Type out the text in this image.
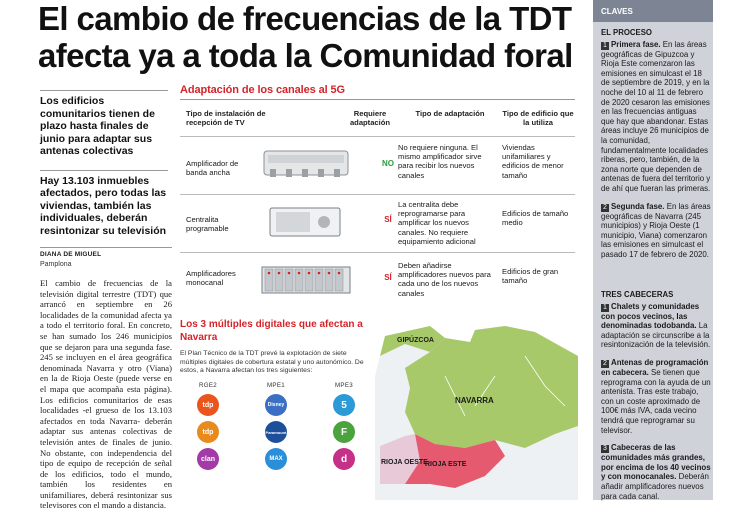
El cambio de frecuencias de la TDT afecta ya a toda la Comunidad foral
Los edificios comunitarios tienen de plazo hasta finales de junio para adaptar sus antenas colectivas
Hay 13.103 inmuebles afectados, pero todas las viviendas, también las individuales, deberán resintonizar su televisión
DIANA DE MIGUEL
Pamplona
El cambio de frecuencias de la televisión digital terrestre (TDT) que arrancó en septiembre en 26 localidades de la comunidad afecta ya a todo el territorio foral. En concreto, se han sumado los 246 municipios que se dejaron para una segunda fase. 245 se incluyen en el área geográfica denominada Navarra y otro (Viana) en la de Rioja Oeste (puede verse en el mapa que acompaña esta página). Los edificios comunitarios de esas localidades -el grueso de los 13.103 afectados en toda Navarra- deberán adaptar sus antenas colectivas de televisión antes de finales de junio. No obstante, con independencia del tipo de equipo de recepción de señal de los edificios, todo el mundo, también los residentes en unifamiliares, deberá resintonizar sus televisores con el mando a distancia.
Adaptación de los canales al 5G
Tipo de instalación de recepción de TV
Requiere adaptación
Tipo de adaptación	Tipo de edificio que la utiliza
Amplificador de banda ancha
NO
No requiere ninguna. El mismo amplificador sirve para recibir los nuevos canales
Viviendas unifamiliares y edificios de menor tamaño
Centralita programable
SÍ
La centralita debe reprogramarse para amplificar los nuevos canales. No requiere equipamiento adicional
Edificios de tamaño medio
Amplificadores monocanal
SÍ
Deben añadirse amplificadores nuevos para cada uno de los nuevos canales
Edificios de gran tamaño
Los 3 múltiples digitales que afectan a Navarra
El Plan Técnico de la TDT prevé la explotación de siete múltiples digitales de cobertura estatal y uno autonómico. De estos, a Navarra afectan los tres siguientes:
RGE2
tdp
tdp
clan
MPE1
Disney
Paramount
MAX
MPE3
5
F
d
GIPÚZCOA
NAVARRA
RIOJA OESTE
RIOJA ESTE
CLAVES
EL PROCESO
1 Primera fase. En las áreas geográficas de Gipuzcoa y Rioja Este comenzaron las emisiones en simulcast el 18 de septiembre de 2019, y en la noche del 10 al 11 de febrero de 2020 cesaron las emisiones en las frecuencias antiguas que hay que abandonar. Estas áreas incluye 26 municipios de la comunidad, fundamentalmente localidades riberas, pero, también, de la zona norte que dependen de antenas de fuera del territorio y de ahí que fueran las primeras.
2 Segunda fase. En las áreas geográficas de Navarra (245 municipios) y Rioja Oeste (1 municipio, Viana) comenzaron las emisiones en simulcast el pasado 17 de febrero de 2020.
TRES CABECERAS
1 Chalets y comunidades con pocos vecinos, las denominadas todobanda. La adaptación se circunscribe a la resintonización de la televisión.
2 Antenas de programación en cabecera. Se tienen que reprograma con la ayuda de un antenista. Tras este trabajo, con un coste aproximado de 100€ más IVA, cada vecino tendrá que reprogramar su televisor.
3 Cabeceras de las comunidades más grandes, por encima de los 40 vecinos y con monocanales. Deberán añadir amplificadores nuevos para cada canal.
